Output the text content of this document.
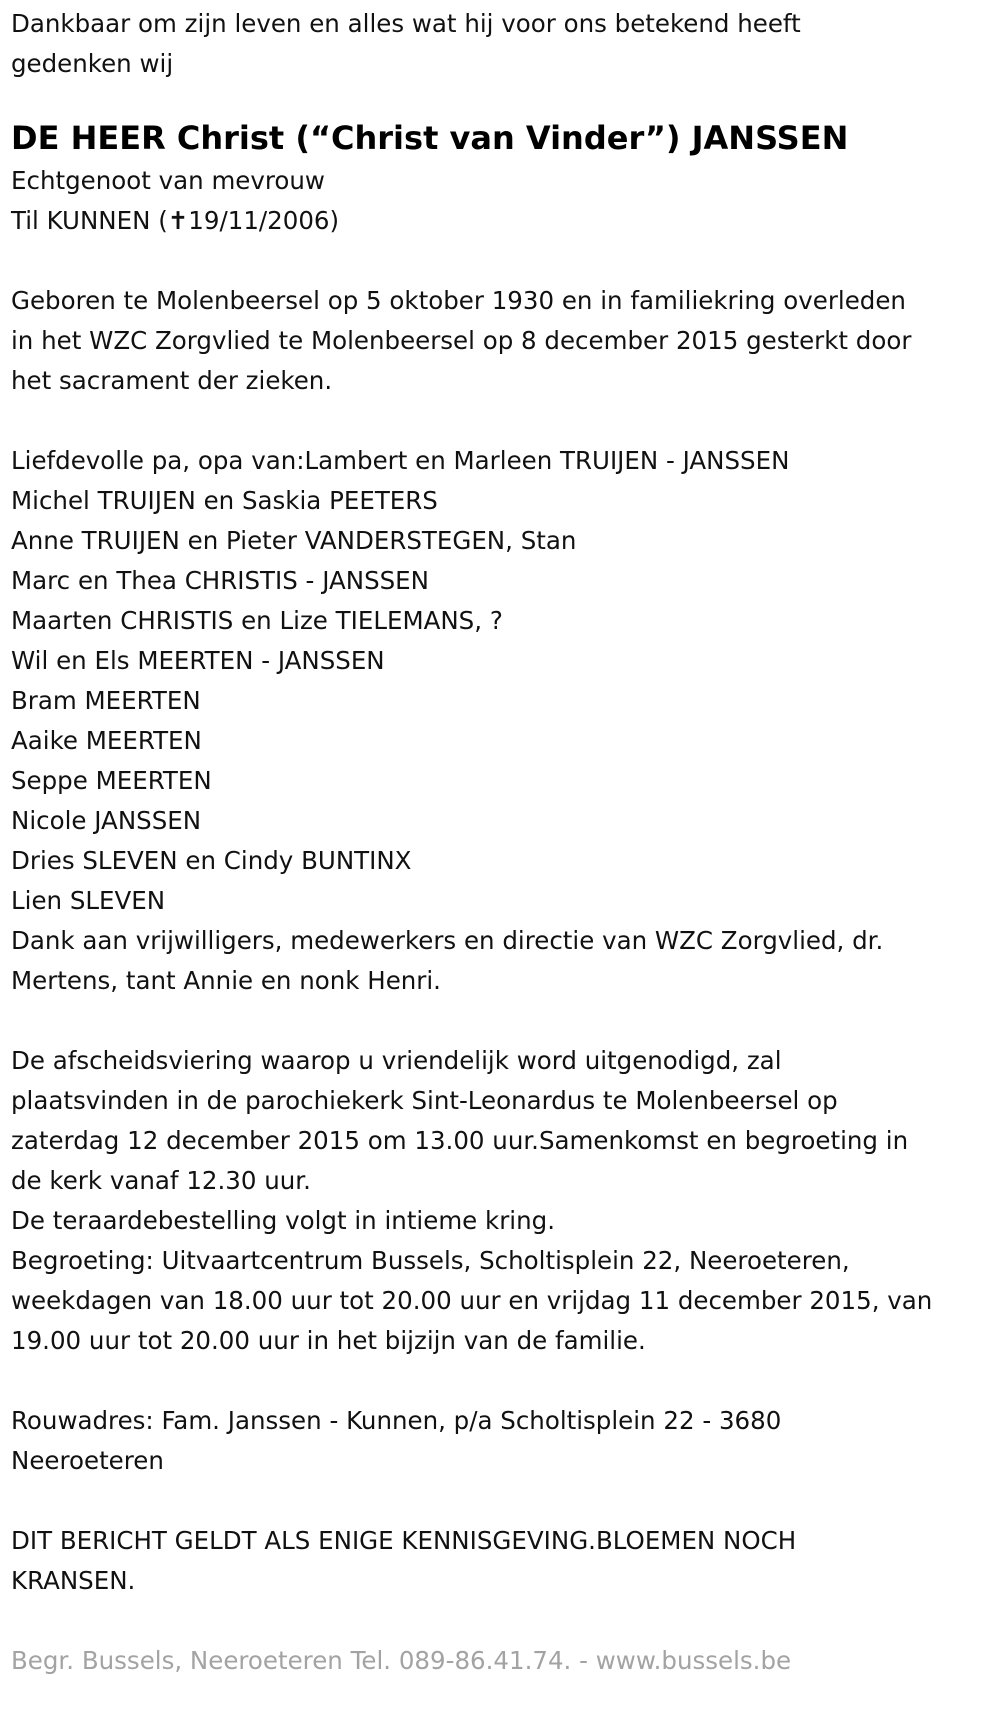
Dankbaar om zijn leven en alles wat hij voor ons betekend heeft
gedenken wij
DE HEER Christ (“Christ van Vinder”) JANSSEN
Echtgenoot van mevrouw
Til KUNNEN (✝19/11/2006)
Geboren te Molenbeersel op 5 oktober 1930 en in familiekring overleden
in het WZC Zorgvlied te Molenbeersel op 8 december 2015 gesterkt door
het sacrament der zieken.
Liefdevolle pa, opa van:Lambert en Marleen TRUIJEN - JANSSEN
Michel TRUIJEN en Saskia PEETERS
Anne TRUIJEN en Pieter VANDERSTEGEN, Stan
Marc en Thea CHRISTIS - JANSSEN
Maarten CHRISTIS en Lize TIELEMANS, ?
Wil en Els MEERTEN - JANSSEN
Bram MEERTEN
Aaike MEERTEN
Seppe MEERTEN
Nicole JANSSEN
Dries SLEVEN en Cindy BUNTINX
Lien SLEVEN
Dank aan vrijwilligers, medewerkers en directie van WZC Zorgvlied, dr.
Mertens, tant Annie en nonk Henri.
De afscheidsviering waarop u vriendelijk word uitgenodigd, zal
plaatsvinden in de parochiekerk Sint-Leonardus te Molenbeersel op
zaterdag 12 december 2015 om 13.00 uur.Samenkomst en begroeting in
de kerk vanaf 12.30 uur.
De teraardebestelling volgt in intieme kring.
Begroeting: Uitvaartcentrum Bussels, Scholtisplein 22, Neeroeteren,
weekdagen van 18.00 uur tot 20.00 uur en vrijdag 11 december 2015, van
19.00 uur tot 20.00 uur in het bijzijn van de familie.
Rouwadres: Fam. Janssen - Kunnen, p/a Scholtisplein 22 - 3680
Neeroeteren
DIT BERICHT GELDT ALS ENIGE KENNISGEVING.BLOEMEN NOCH
KRANSEN.
Begr. Bussels, Neeroeteren Tel. 089-86.41.74. - www.bussels.be
